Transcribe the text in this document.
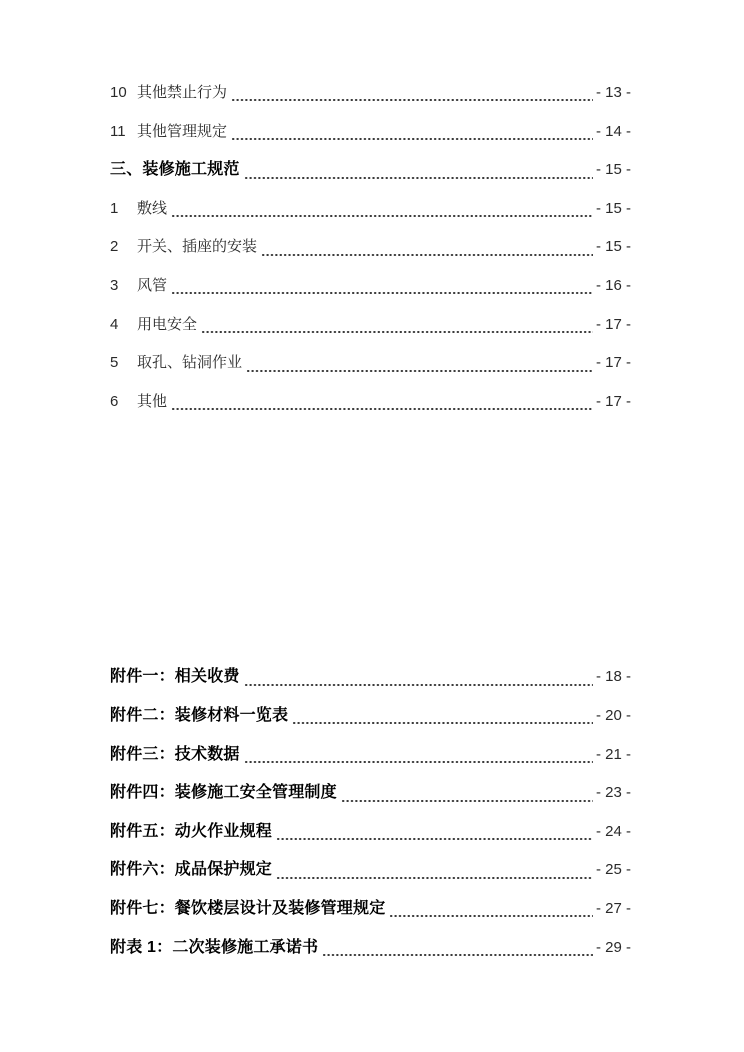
10 其他禁止行为	- 13 -
11 其他管理规定	- 14 -
三、装修施工规范	- 15 -
1	敷线	- 15 -
2	开关、插座的安装	- 15 -
3	风管	- 16 -
4	用电安全	- 17 -
5	取孔、钻洞作业	- 17 -
6	其他	- 17 -
附件一：相关收费	- 18 -
附件二：装修材料一览表	- 20 -
附件三：技术数据	- 21 -
附件四：装修施工安全管理制度	- 23 -
附件五：动火作业规程	- 24 -
附件六：成品保护规定	- 25 -
附件七：餐饮楼层设计及装修管理规定	- 27 -
附表 1：二次装修施工承诺书	- 29 -
